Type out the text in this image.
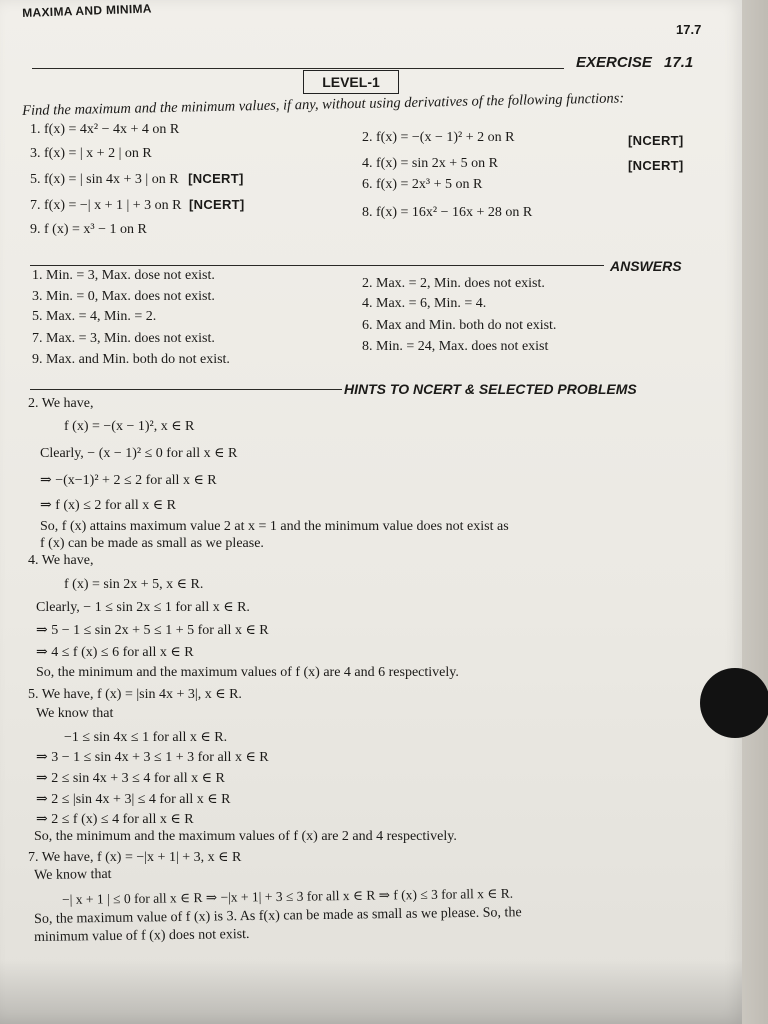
MAXIMA AND MINIMA
17.7
EXERCISE 17.1
LEVEL-1
Find the maximum and the minimum values, if any, without using derivatives of the following functions:
1. f(x) = 4x² − 4x + 4 on R
2. f(x) = −(x − 1)² + 2 on R	[NCERT]
3. f(x) = | x + 2 | on R
4. f(x) = sin 2x + 5 on R	[NCERT]
5. f(x) = | sin 4x + 3 | on R [NCERT]	6. f(x) = 2x³ + 5 on R
7. f(x) = −| x + 1 | + 3 on R [NCERT]
8. f(x) = 16x² − 16x + 28 on R
9. f (x) = x³ − 1 on R
ANSWERS
1. Min. = 3, Max. dose not exist.
2. Max. = 2, Min. does not exist.
3. Min. = 0, Max. does not exist.	4. Max. = 6, Min. = 4.
5. Max. = 4, Min. = 2.
6. Max and Min. both do not exist.
7. Max. = 3, Min. does not exist.
8. Min. = 24, Max. does not exist
9. Max. and Min. both do not exist.
HINTS TO NCERT & SELECTED PROBLEMS
2. We have,
f (x) = −(x − 1)², x ∈ R
Clearly, − (x − 1)² ≤ 0 for all x ∈ R
⇒ −(x−1)² + 2 ≤ 2 for all x ∈ R
⇒ f (x) ≤ 2 for all x ∈ R
So, f (x) attains maximum value 2 at x = 1 and the minimum value does not exist as
f (x) can be made as small as we please.
4. We have,
f (x) = sin 2x + 5, x ∈ R.
Clearly, − 1 ≤ sin 2x ≤ 1 for all x ∈ R.
⇒ 5 − 1 ≤ sin 2x + 5 ≤ 1 + 5 for all x ∈ R
⇒ 4 ≤ f (x) ≤ 6 for all x ∈ R
So, the minimum and the maximum values of f (x) are 4 and 6 respectively.
5. We have, f (x) = |sin 4x + 3|, x ∈ R.
We know that
−1 ≤ sin 4x ≤ 1 for all x ∈ R.
⇒ 3 − 1 ≤ sin 4x + 3 ≤ 1 + 3 for all x ∈ R
⇒ 2 ≤ sin 4x + 3 ≤ 4 for all x ∈ R
⇒ 2 ≤ |sin 4x + 3| ≤ 4 for all x ∈ R
⇒ 2 ≤ f (x) ≤ 4 for all x ∈ R
So, the minimum and the maximum values of f (x) are 2 and 4 respectively.
7. We have, f (x) = −|x + 1| + 3, x ∈ R
We know that
−| x + 1 | ≤ 0 for all x ∈ R ⇒ −|x + 1| + 3 ≤ 3 for all x ∈ R ⇒ f (x) ≤ 3 for all x ∈ R.
So, the maximum value of f (x) is 3. As f(x) can be made as small as we please. So, the
minimum value of f (x) does not exist.
